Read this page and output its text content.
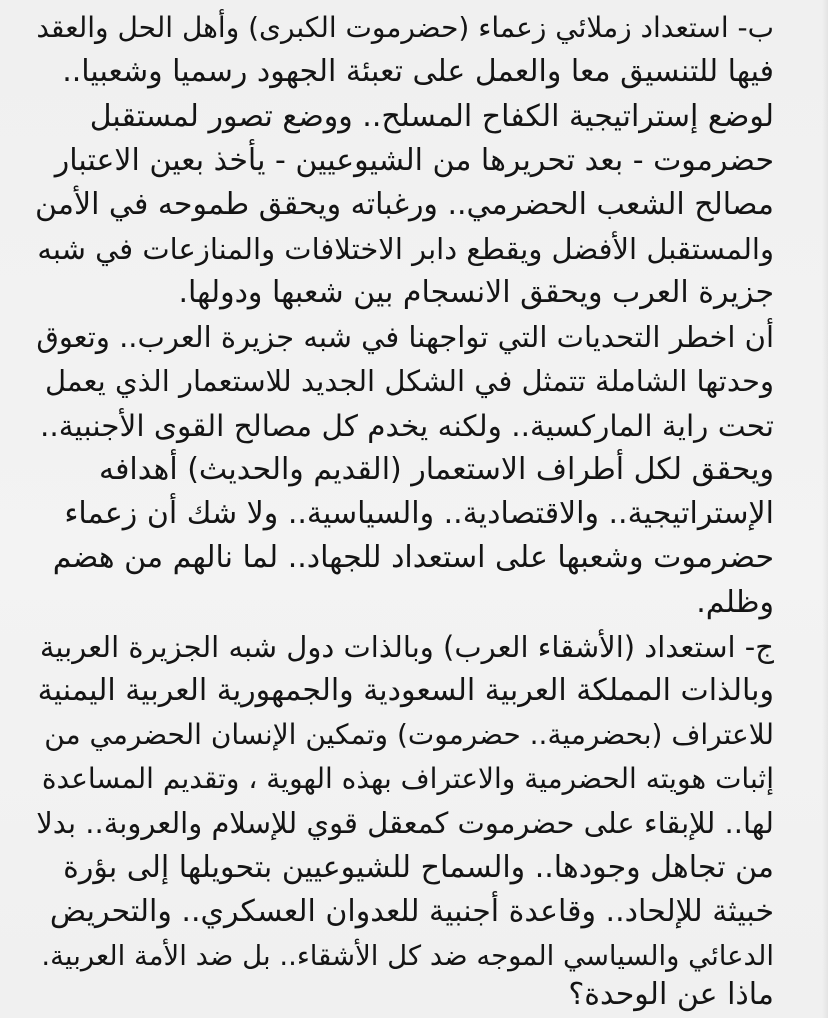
ب- استعداد زملائي زعماء (حضرموت الكبرى) وأهل الحل والعقد
فيها للتنسيق معا والعمل على تعبئة الجهود رسميا وشعبيا..
لوضع إستراتيجية الكفاح المسلح.. ووضع تصور لمستقبل
حضرموت - بعد تحريرها من الشيوعيين - يأخذ بعين الاعتبار
مصالح الشعب الحضرمي.. ورغباته ويحقق طموحه في الأمن
والمستقبل الأفضل ويقطع دابر الاختلافات والمنازعات في شبه
جزيرة العرب ويحقق الانسجام بين شعبها ودولها.
أن اخطر التحديات التي تواجهنا في شبه جزيرة العرب.. وتعوق
وحدتها الشاملة تتمثل في الشكل الجديد للاستعمار الذي يعمل
تحت راية الماركسية.. ولكنه يخدم كل مصالح القوى الأجنبية..
ويحقق لكل أطراف الاستعمار (القديم والحديث) أهدافه
الإستراتيجية.. والاقتصادية.. والسياسية.. ولا شك أن زعماء
حضرموت وشعبها على استعداد للجهاد.. لما نالهم من هضم
وظلم.
ج- استعداد (الأشقاء العرب) وبالذات دول شبه الجزيرة العربية
وبالذات المملكة العربية السعودية والجمهورية العربية اليمنية
للاعتراف (بحضرمية.. حضرموت) وتمكين الإنسان الحضرمي من
إثبات هويته الحضرمية والاعتراف بهذه الهوية ، وتقديم المساعدة
لها.. للإبقاء على حضرموت كمعقل قوي للإسلام والعروبة.. بدلا
من تجاهل وجودها.. والسماح للشيوعيين بتحويلها إلى بؤرة
خبيثة للإلحاد.. وقاعدة أجنبية للعدوان العسكري.. والتحريض
الدعائي والسياسي الموجه ضد كل الأشقاء.. بل ضد الأمة العربية.
ماذا عن الوحدة؟
